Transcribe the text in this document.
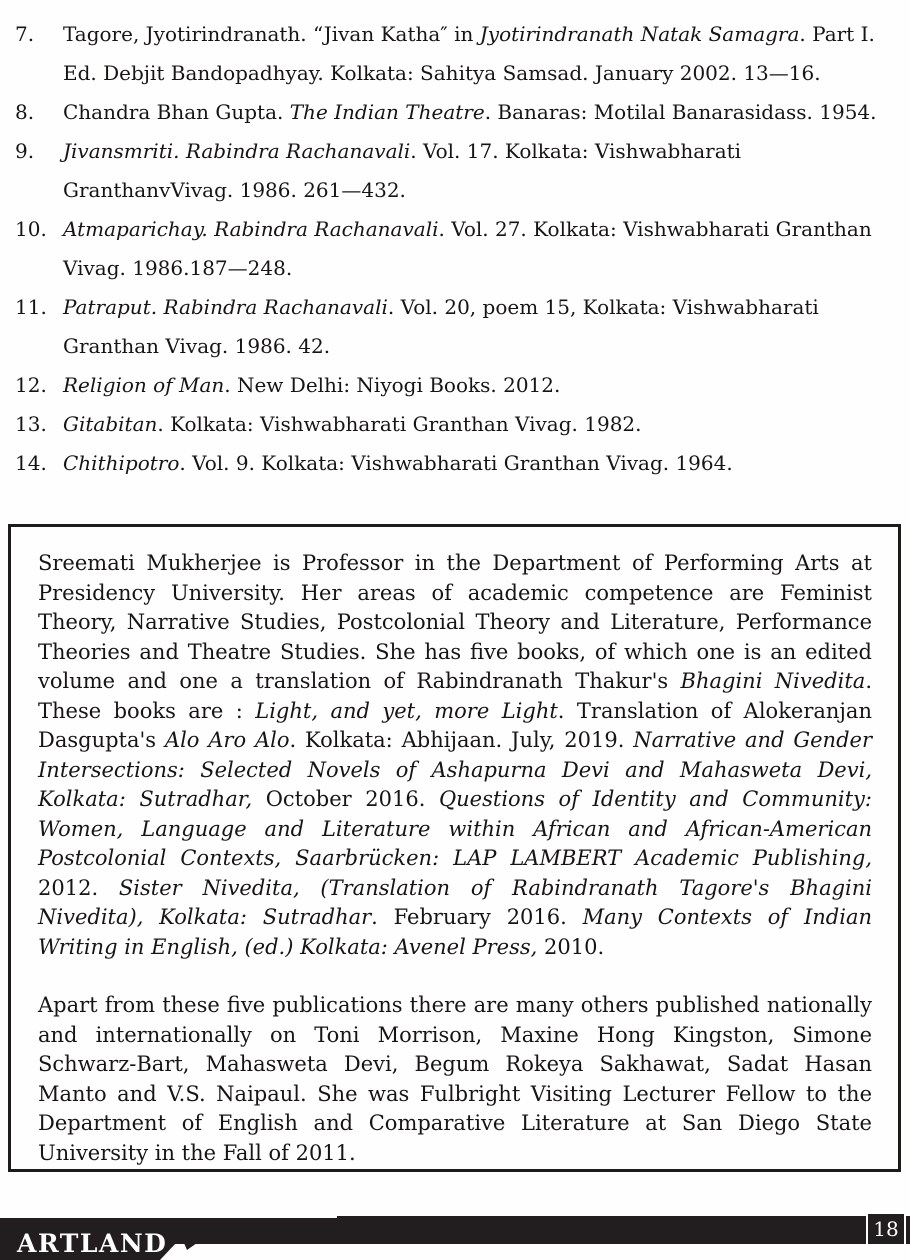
7. Tagore, Jyotirindranath. “Jivan Katha″ in Jyotirindranath Natak Samagra. Part I. Ed. Debjit Bandopadhyay. Kolkata: Sahitya Samsad. January 2002. 13—16.
8. Chandra Bhan Gupta. The Indian Theatre. Banaras: Motilal Banarasidass. 1954.
9. Jivansmriti. Rabindra Rachanavali. Vol. 17. Kolkata: Vishwabharati GranthanvVivag. 1986. 261—432.
10. Atmaparichay. Rabindra Rachanavali. Vol. 27. Kolkata: Vishwabharati Granthan Vivag. 1986.187—248.
11. Patraput. Rabindra Rachanavali. Vol. 20, poem 15, Kolkata: Vishwabharati Granthan Vivag. 1986. 42.
12. Religion of Man. New Delhi: Niyogi Books. 2012.
13. Gitabitan. Kolkata: Vishwabharati Granthan Vivag. 1982.
14. Chithipotro. Vol. 9. Kolkata: Vishwabharati Granthan Vivag. 1964.

Sreemati Mukherjee is Professor in the Department of Performing Arts at Presidency University. Her areas of academic competence are Feminist Theory, Narrative Studies, Postcolonial Theory and Literature, Performance Theories and Theatre Studies. She has five books, of which one is an edited volume and one a translation of Rabindranath Thakur's Bhagini Nivedita. These books are : Light, and yet, more Light. Translation of Alokeranjan Dasgupta's Alo Aro Alo. Kolkata: Abhijaan. July, 2019. Narrative and Gender Intersections: Selected Novels of Ashapurna Devi and Mahasweta Devi, Kolkata: Sutradhar, October 2016. Questions of Identity and Community: Women, Language and Literature within African and African-American Postcolonial Contexts, Saarbrücken: LAP LAMBERT Academic Publishing, 2012. Sister Nivedita, (Translation of Rabindranath Tagore's Bhagini Nivedita), Kolkata: Sutradhar. February 2016. Many Contexts of Indian Writing in English, (ed.) Kolkata: Avenel Press, 2010.

Apart from these five publications there are many others published nationally and internationally on Toni Morrison, Maxine Hong Kingston, Simone Schwarz-Bart, Mahasweta Devi, Begum Rokeya Sakhawat, Sadat Hasan Manto and V.S. Naipaul. She was Fulbright Visiting Lecturer Fellow to the Department of English and Comparative Literature at San Diego State University in the Fall of 2011.

ARTLAND	18
